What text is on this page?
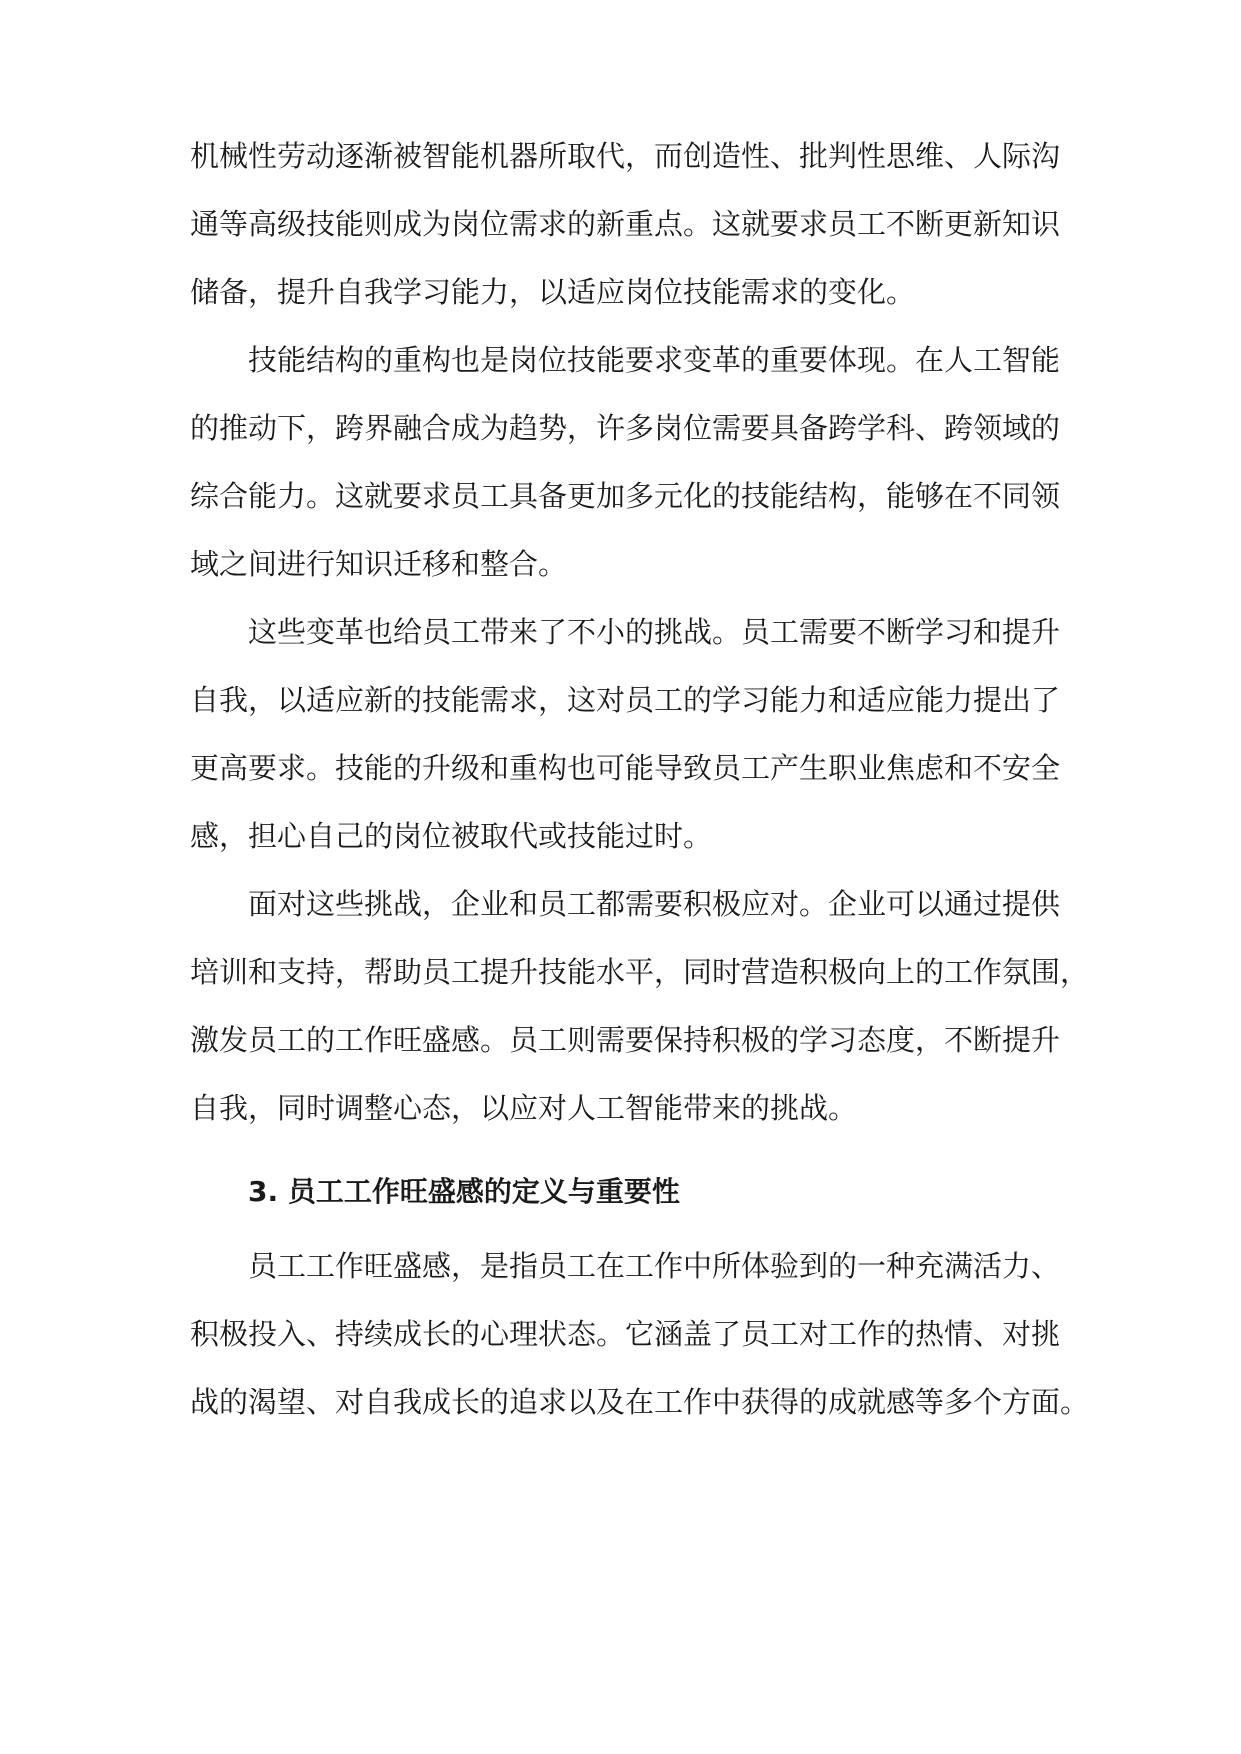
机械性劳动逐渐被智能机器所取代，而创造性、批判性思维、人际沟
通等高级技能则成为岗位需求的新重点。这就要求员工不断更新知识
储备，提升自我学习能力，以适应岗位技能需求的变化。
技能结构的重构也是岗位技能要求变革的重要体现。在人工智能
的推动下，跨界融合成为趋势，许多岗位需要具备跨学科、跨领域的
综合能力。这就要求员工具备更加多元化的技能结构，能够在不同领
域之间进行知识迁移和整合。
这些变革也给员工带来了不小的挑战。员工需要不断学习和提升
自我，以适应新的技能需求，这对员工的学习能力和适应能力提出了
更高要求。技能的升级和重构也可能导致员工产生职业焦虑和不安全
感，担心自己的岗位被取代或技能过时。
面对这些挑战，企业和员工都需要积极应对。企业可以通过提供
培训和支持，帮助员工提升技能水平，同时营造积极向上的工作氛围，
激发员工的工作旺盛感。员工则需要保持积极的学习态度，不断提升
自我，同时调整心态，以应对人工智能带来的挑战。
3. 员工工作旺盛感的定义与重要性
员工工作旺盛感，是指员工在工作中所体验到的一种充满活力、
积极投入、持续成长的心理状态。它涵盖了员工对工作的热情、对挑
战的渴望、对自我成长的追求以及在工作中获得的成就感等多个方面。
